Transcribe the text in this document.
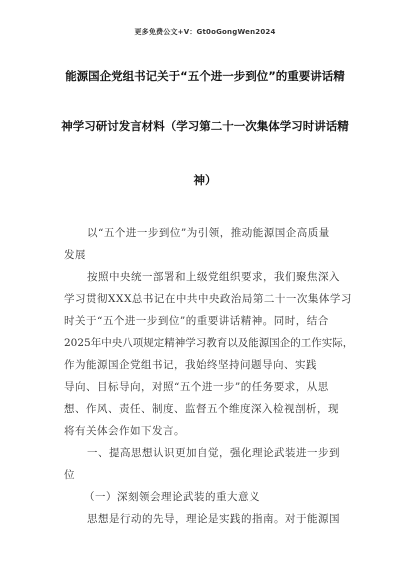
更多免费公文+V：Gt0oGongWen2024
能源国企党组书记关于“五个进一步到位”的重要讲话精
神学习研讨发言材料（学习第二十一次集体学习时讲话精
神）
以“五个进一步到位”为引领，推动能源国企高质量
发展
按照中央统一部署和上级党组织要求，我们聚焦深入
学习贯彻XXX总书记在中共中央政治局第二十一次集体学习
时关于“五个进一步到位”的重要讲话精神。同时，结合
2025年中央八项规定精神学习教育以及能源国企的工作实际，
作为能源国企党组书记，我始终坚持问题导向、实践
导向、目标导向，对照“五个进一步”的任务要求，从思
想、作风、责任、制度、监督五个维度深入检视剖析，现
将有关体会作如下发言。
一、提高思想认识更加自觉，强化理论武装进一步到
位
（一）深刻领会理论武装的重大意义
思想是行动的先导，理论是实践的指南。对于能源国
